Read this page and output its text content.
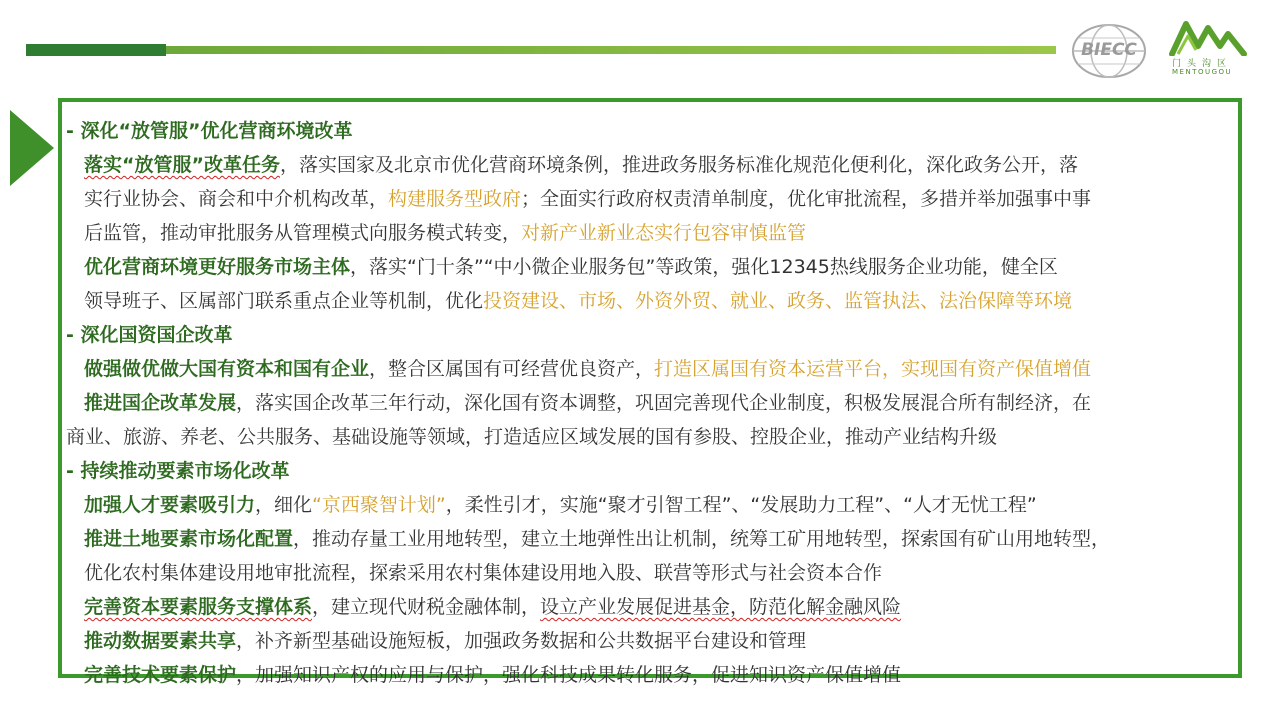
BIECC
门头沟区
MENTOUGOU
- 深化“放管服”优化营商环境改革
落实“放管服”改革任务，落实国家及北京市优化营商环境条例，推进政务服务标准化规范化便利化，深化政务公开，落
实行业协会、商会和中介机构改革，构建服务型政府；全面实行政府权责清单制度，优化审批流程，多措并举加强事中事
后监管，推动审批服务从管理模式向服务模式转变，对新产业新业态实行包容审慎监管
优化营商环境更好服务市场主体，落实“门十条”“中小微企业服务包”等政策，强化12345热线服务企业功能，健全区
领导班子、区属部门联系重点企业等机制，优化投资建设、市场、外资外贸、就业、政务、监管执法、法治保障等环境
- 深化国资国企改革
做强做优做大国有资本和国有企业，整合区属国有可经营优良资产，打造区属国有资本运营平台，实现国有资产保值增值
推进国企改革发展，落实国企改革三年行动，深化国有资本调整，巩固完善现代企业制度，积极发展混合所有制经济，在
商业、旅游、养老、公共服务、基础设施等领域，打造适应区域发展的国有参股、控股企业，推动产业结构升级
- 持续推动要素市场化改革
加强人才要素吸引力，细化“京西聚智计划”，柔性引才，实施“聚才引智工程”、“发展助力工程”、“人才无忧工程”
推进土地要素市场化配置，推动存量工业用地转型，建立土地弹性出让机制，统筹工矿用地转型，探索国有矿山用地转型，
优化农村集体建设用地审批流程，探索采用农村集体建设用地入股、联营等形式与社会资本合作
完善资本要素服务支撑体系，建立现代财税金融体制，设立产业发展促进基金，防范化解金融风险
推动数据要素共享，补齐新型基础设施短板，加强政务数据和公共数据平台建设和管理
完善技术要素保护，加强知识产权的应用与保护，强化科技成果转化服务，促进知识资产保值增值
